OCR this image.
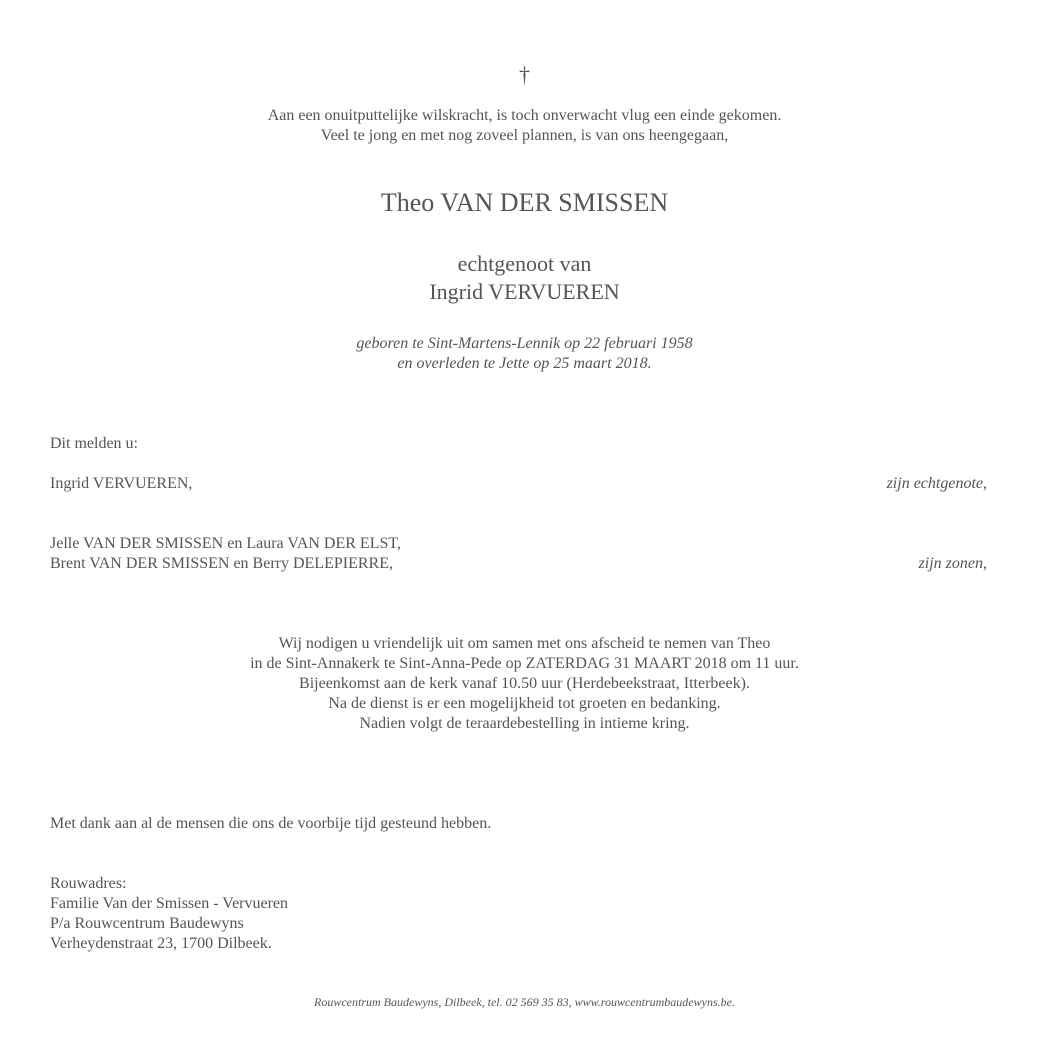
†
Aan een onuitputtelijke wilskracht, is toch onverwacht vlug een einde gekomen.
Veel te jong en met nog zoveel plannen, is van ons heengegaan,
Theo VAN DER SMISSEN
echtgenoot van
Ingrid VERVUEREN
geboren te Sint-Martens-Lennik op 22 februari 1958
en overleden te Jette op 25 maart 2018.
Dit melden u:
Ingrid VERVUEREN,	zijn echtgenote,
Jelle VAN DER SMISSEN en Laura VAN DER ELST,
Brent VAN DER SMISSEN en Berry DELEPIERRE,	zijn zonen,
Wij nodigen u vriendelijk uit om samen met ons afscheid te nemen van Theo
in de Sint-Annakerk te Sint-Anna-Pede op ZATERDAG 31 MAART 2018 om 11 uur.
Bijeenkomst aan de kerk vanaf 10.50 uur (Herdebeekstraat, Itterbeek).
Na de dienst is er een mogelijkheid tot groeten en bedanking.
Nadien volgt de teraardebestelling in intieme kring.
Met dank aan al de mensen die ons de voorbije tijd gesteund hebben.
Rouwadres:
Familie Van der Smissen - Vervueren
P/a Rouwcentrum Baudewyns
Verheydenstraat 23, 1700 Dilbeek.
Rouwcentrum Baudewyns, Dilbeek, tel. 02 569 35 83, www.rouwcentrumbaudewyns.be.
